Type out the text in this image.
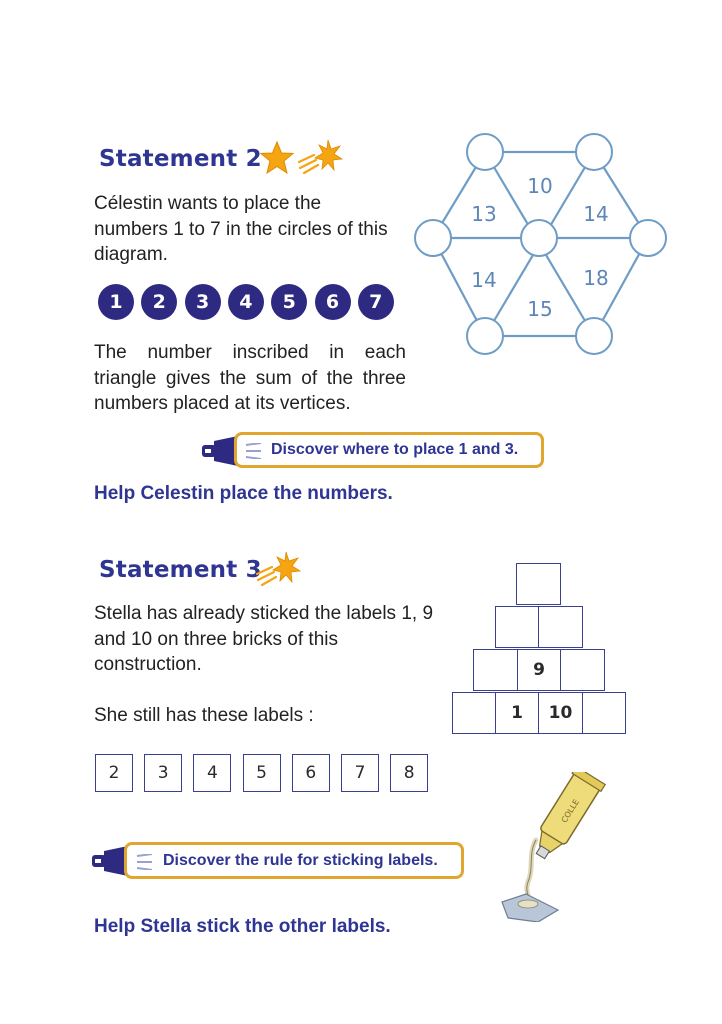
Statement 2
Célestin wants to place the numbers 1 to 7 in the circles of this diagram.
1	2	3	4	5	6	7
The number inscribed in each triangle gives the sum of the three numbers placed at its vertices.
10
13	14
14	18
15
Discover where to place 1 and 3.
Help Celestin place the numbers.
Statement 3
Stella has already sticked the labels 1, 9 and 10 on three bricks of this construction.
She still has these labels :
2	3	4	5	6	7	8
9
1	10
Discover the rule for sticking labels.
COLLE
Help Stella stick the other labels.
